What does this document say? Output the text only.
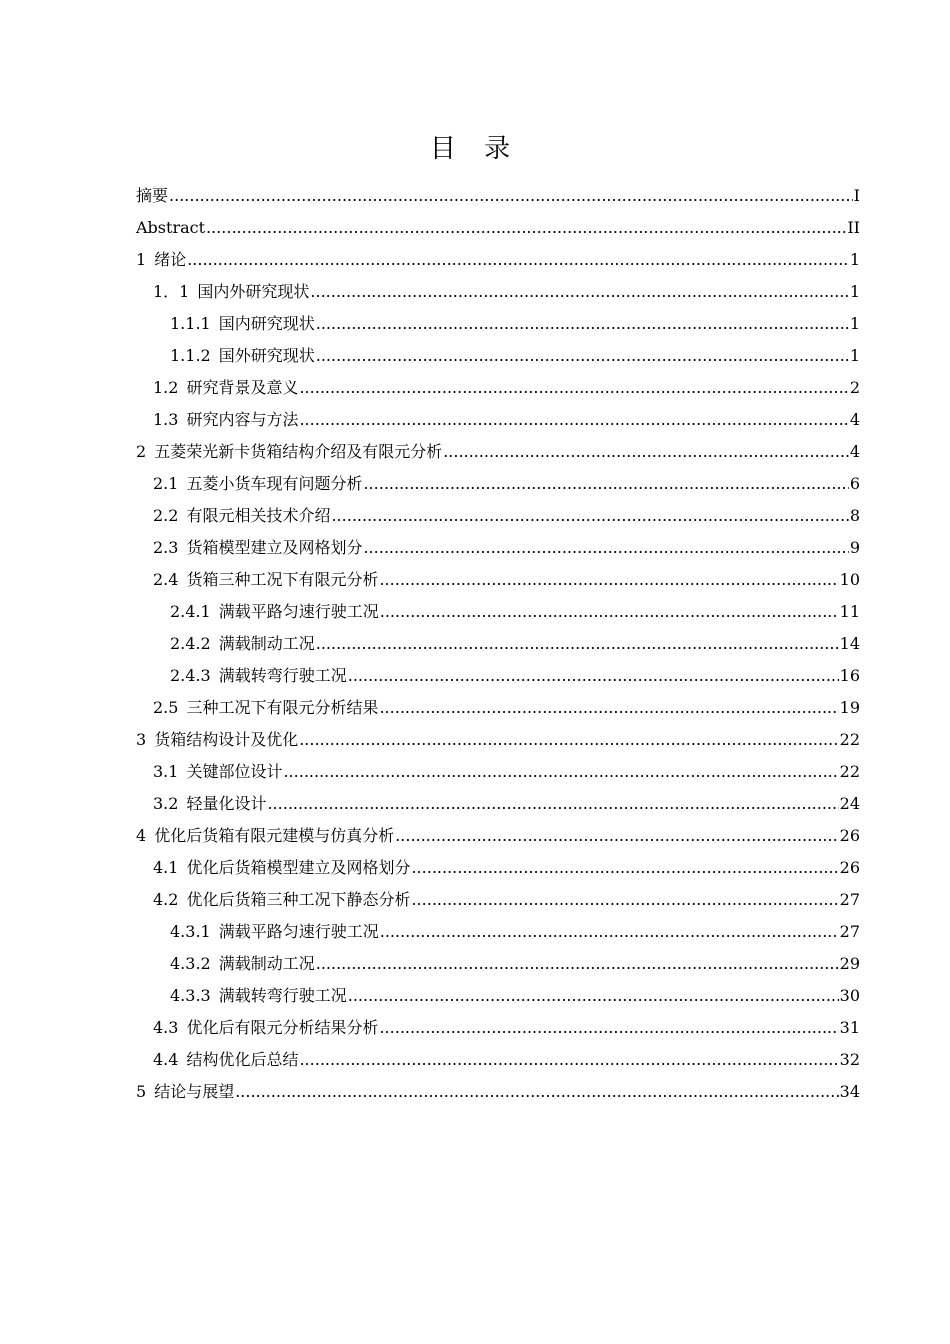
目 录
摘要 .....	I
Abstract .....	II
1 绪论 .....	1
1．1 国内外研究现状 .....	1
1.1.1 国内研究现状 .....	1
1.1.2 国外研究现状 .....	1
1.2 研究背景及意义 .....	2
1.3 研究内容与方法 .....	4
2 五菱荣光新卡货箱结构介绍及有限元分析 .....	4
2.1 五菱小货车现有问题分析 .....	6
2.2 有限元相关技术介绍 .....	8
2.3 货箱模型建立及网格划分 .....	9
2.4 货箱三种工况下有限元分析 .....	10
2.4.1 满载平路匀速行驶工况 .....	11
2.4.2 满载制动工况 .....	14
2.4.3 满载转弯行驶工况 .....	16
2.5 三种工况下有限元分析结果 .....	19
3 货箱结构设计及优化 .....	22
3.1 关键部位设计 .....	22
3.2 轻量化设计 .....	24
4 优化后货箱有限元建模与仿真分析 .....	26
4.1 优化后货箱模型建立及网格划分 .....	26
4.2 优化后货箱三种工况下静态分析 .....	27
4.3.1 满载平路匀速行驶工况 .....	27
4.3.2 满载制动工况 .....	29
4.3.3 满载转弯行驶工况 .....	30
4.3 优化后有限元分析结果分析 .....	31
4.4 结构优化后总结 .....	32
5 结论与展望 .....	34
